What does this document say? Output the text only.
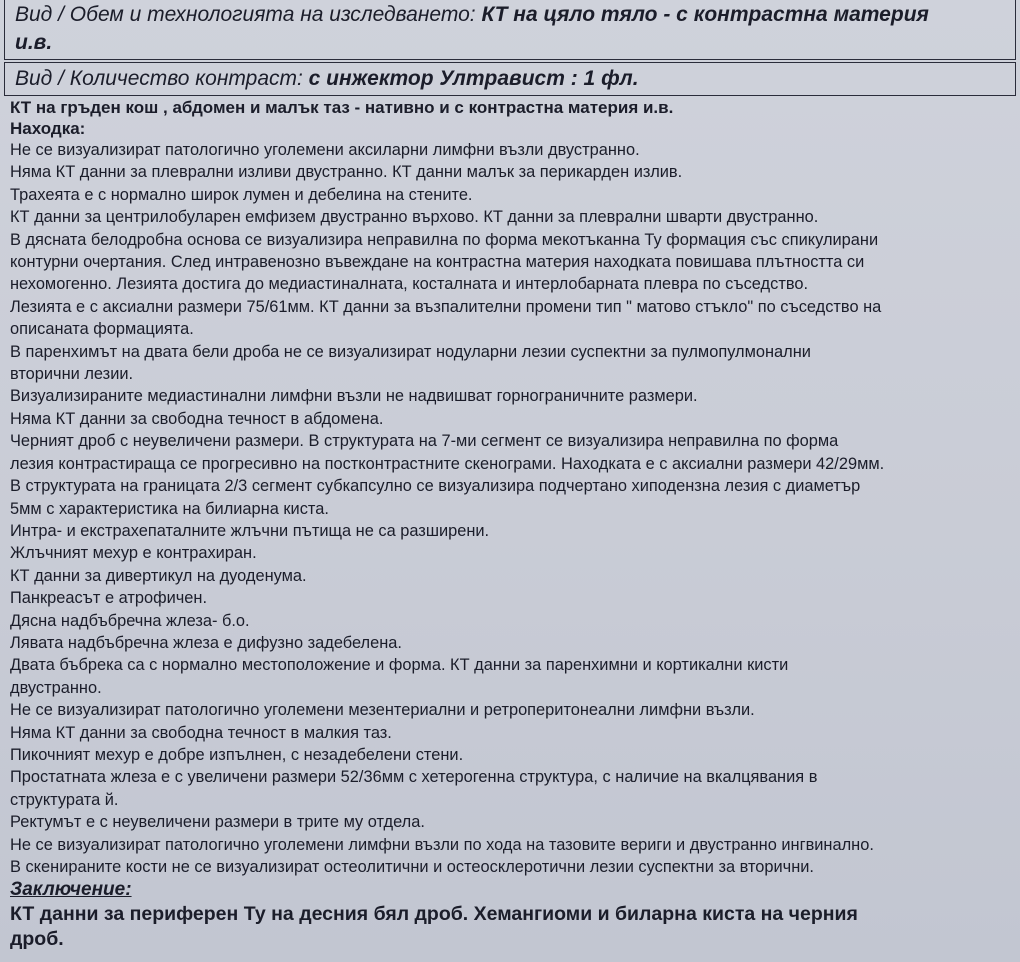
Вид / Обем и технологията на изследването: КТ на цяло тяло - с контрастна материя
и.в.
Вид / Количество контраст: с инжектор Ултравист : 1 фл.
КТ на гръден кош , абдомен и малък таз - нативно и с контрастна материя и.в.
Находка:
Не се визуализират патологично уголемени аксиларни лимфни възли двустранно.
Няма КТ данни за плеврални изливи двустранно. КТ данни малък за перикарден излив.
Трахеята е с нормално широк лумен и дебелина на стените.
КТ данни за центрилобуларен емфизем двустранно върхово. КТ данни за плеврални шварти двустранно.
В дясната белодробна основа се визуализира неправилна по форма мекотъканна Ту формация със спикулирани
контурни очертания. След интравенозно въвеждане на контрастна материя находката повишава плътността си
нехомогенно. Лезията достига до медиастиналната, косталната и интерлобарната плевра по съседство.
Лезията е с аксиални размери 75/61мм. КТ данни за възпалителни промени тип " матово стъкло" по съседство на
описаната формацията.
В паренхимът на двата бели дроба не се визуализират нодуларни лезии суспектни за пулмопулмонални
вторични лезии.
Визуализираните медиастинални лимфни възли не надвишват горнограничните размери.
Няма КТ данни за свободна течност в абдомена.
Черният дроб с неувеличени размери. В структурата на 7-ми сегмент се визуализира неправилна по форма
лезия контрастираща се прогресивно на постконтрастните скенограми. Находката е с аксиални размери 42/29мм.
В структурата на границата 2/3 сегмент субкапсулно се визуализира подчертано хиподензна лезия с диаметър
5мм с характеристика на билиарна киста.
Интра- и екстрахепаталните жлъчни пътища не са разширени.
Жлъчният мехур е контрахиран.
КТ данни за дивертикул на дуоденума.
Панкреасът е атрофичен.
Дясна надбъбречна жлеза- б.о.
Лявата надбъбречна жлеза е дифузно задебелена.
Двата бъбрека са с нормално местоположение и форма. КТ данни за паренхимни и кортикални кисти
двустранно.
Не се визуализират патологично уголемени мезентериални и ретроперитонеални лимфни възли.
Няма КТ данни за свободна течност в малкия таз.
Пикочният мехур е добре изпълнен, с незадебелени стени.
Простатната жлеза е с увеличени размери 52/36мм с хетерогенна структура, с наличие на вкалцявания в
структурата й.
Ректумът е с неувеличени размери в трите му отдела.
Не се визуализират патологично уголемени лимфни възли по хода на тазовите вериги и двустранно ингвинално.
В скенираните кости не се визуализират остеолитични и остеосклеротични лезии суспектни за вторични.
Заключение:
КТ данни за периферен Ту на десния бял дроб. Хемангиоми и биларна киста на черния
дроб.
